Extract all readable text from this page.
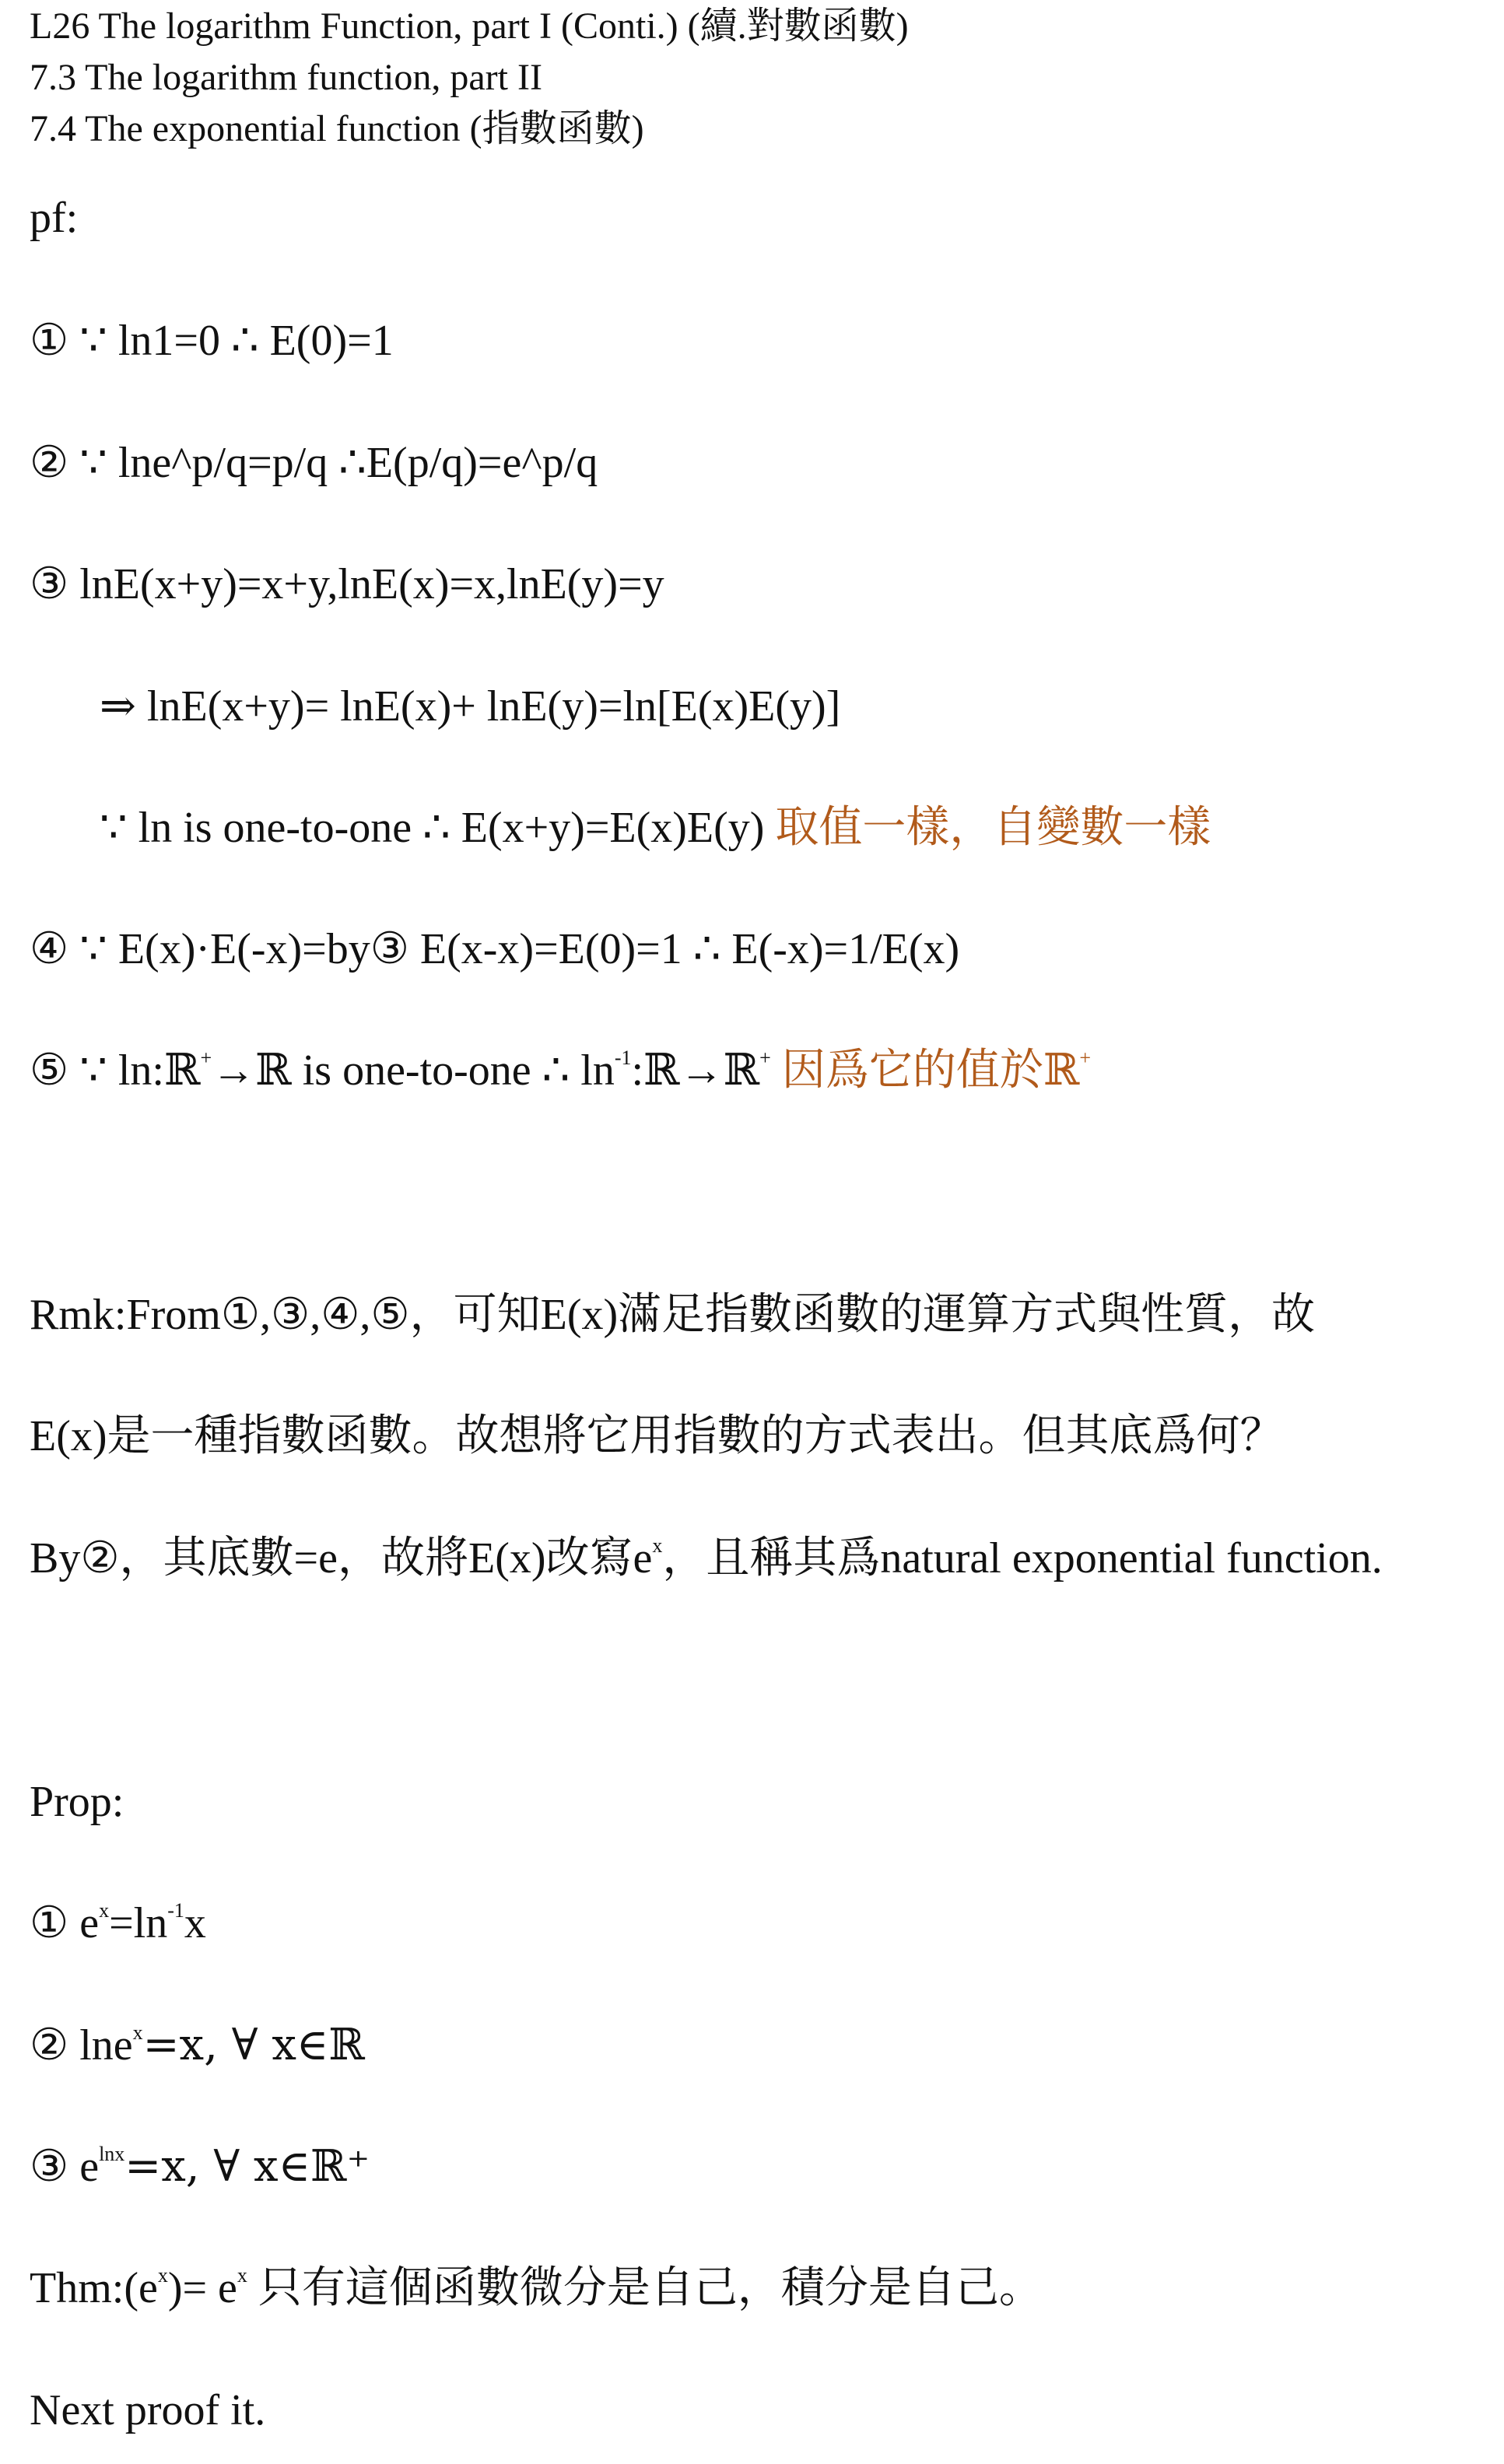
L26 The logarithm Function, part I (Conti.) (續.對數函數)
7.3 The logarithm function, part II
7.4 The exponential function (指數函數)
pf:
① ∵ ln1=0 ∴ E(0)=1
② ∵ lne^p/q=p/q ∴E(p/q)=e^p/q
③ lnE(x+y)=x+y,lnE(x)=x,lnE(y)=y
⇒ lnE(x+y)= lnE(x)+ lnE(y)=ln[E(x)E(y)]
∵ ln is one-to-one ∴ E(x+y)=E(x)E(y) 取值一樣，自變數一樣
④ ∵ E(x)·E(-x)=by③ E(x-x)=E(0)=1 ∴ E(-x)=1/E(x)
⑤ ∵ ln:ℝ+→ℝ is one-to-one ∴ $\ln^{-1}:ℝ\to ℝ^+$ 因爲它的值於ℝ+
Rmk:From①,③,④,⑤，可知E(x)滿足指數函數的運算方式與性質，故
E(x)是一種指數函數。故想將它用指數的方式表出。但其底爲何？
By②，其底數=e，故將E(x)改寫$e^x$，且稱其爲natural exponential function.
Prop:
① $e^x=\ln^{-1}x$
② lne$^x$=x, ∀ x∈ℝ
③ $e^{lnx}=x$, ∀ x∈ℝ⁺
$Thm:(e^x)= e^x$ 只有這個函數微分是自己，積分是自己。
Next proof it.
